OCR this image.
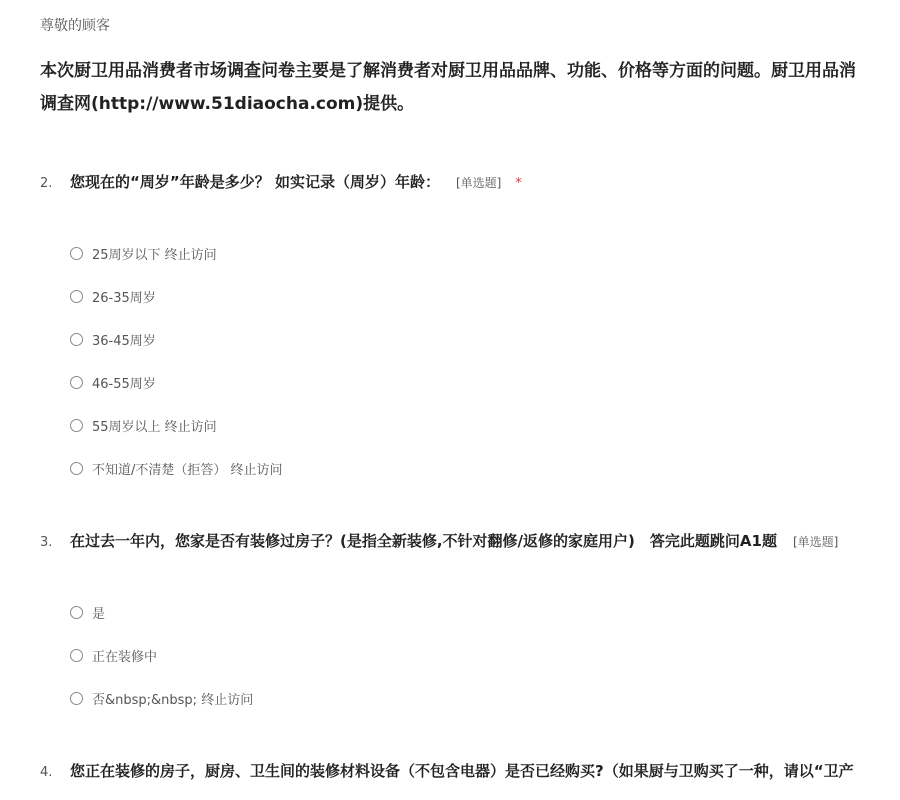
尊敬的顾客
本次厨卫用品消费者市场调查问卷主要是了解消费者对厨卫用品品牌、功能、价格等方面的问题。厨卫用品消
调查网(http://www.51diaocha.com)提供。
2.	您现在的“周岁”年龄是多少？ 如实记录（周岁）年龄： [单选题] *
25周岁以下 终止访问
26-35周岁
36-45周岁
46-55周岁
55周岁以上 终止访问
不知道/不清楚（拒答） 终止访问
3.	在过去一年内，您家是否有装修过房子？(是指全新装修,不针对翻修/返修的家庭用户)　答完此题跳问A1题 [单选题]
是
正在装修中
否&nbsp;&nbsp; 终止访问
4.	您正在装修的房子，厨房、卫生间的装修材料设备（不包含电器）是否已经购买?（如果厨与卫购买了一种，请以“卫产
